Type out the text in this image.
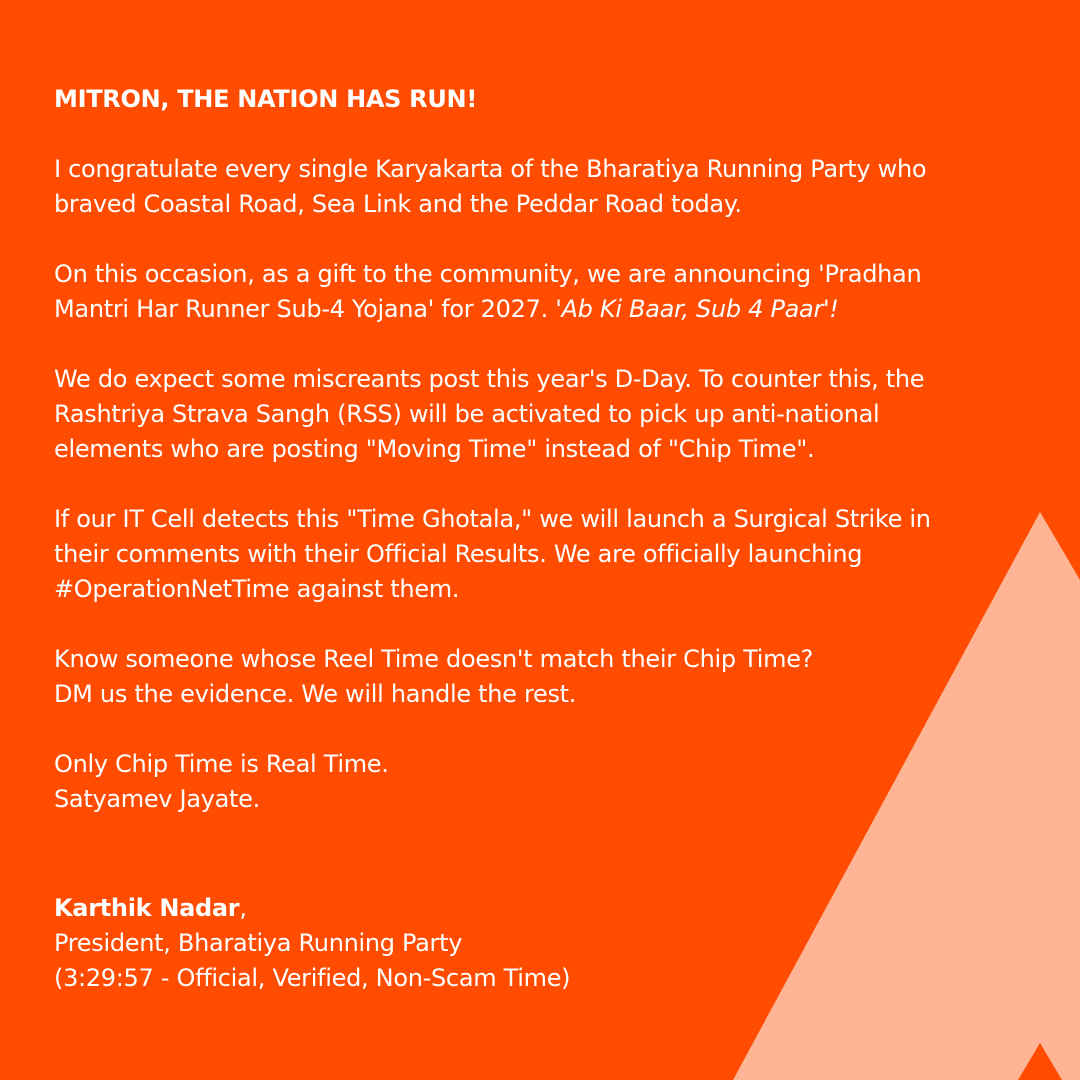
MITRON, THE NATION HAS RUN!

I congratulate every single Karyakarta of the Bharatiya Running Party who
braved Coastal Road, Sea Link and the Peddar Road today.

On this occasion, as a gift to the community, we are announcing 'Pradhan
Mantri Har Runner Sub-4 Yojana' for 2027. 'Ab Ki Baar, Sub 4 Paar'!

We do expect some miscreants post this year's D-Day. To counter this, the
Rashtriya Strava Sangh (RSS) will be activated to pick up anti-national
elements who are posting "Moving Time" instead of "Chip Time".

If our IT Cell detects this "Time Ghotala," we will launch a Surgical Strike in
their comments with their Official Results. We are officially launching
#OperationNetTime against them.

Know someone whose Reel Time doesn't match their Chip Time?
DM us the evidence. We will handle the rest.

Only Chip Time is Real Time.
Satyamev Jayate.

Karthik Nadar,
President, Bharatiya Running Party
(3:29:57 - Official, Verified, Non-Scam Time)
